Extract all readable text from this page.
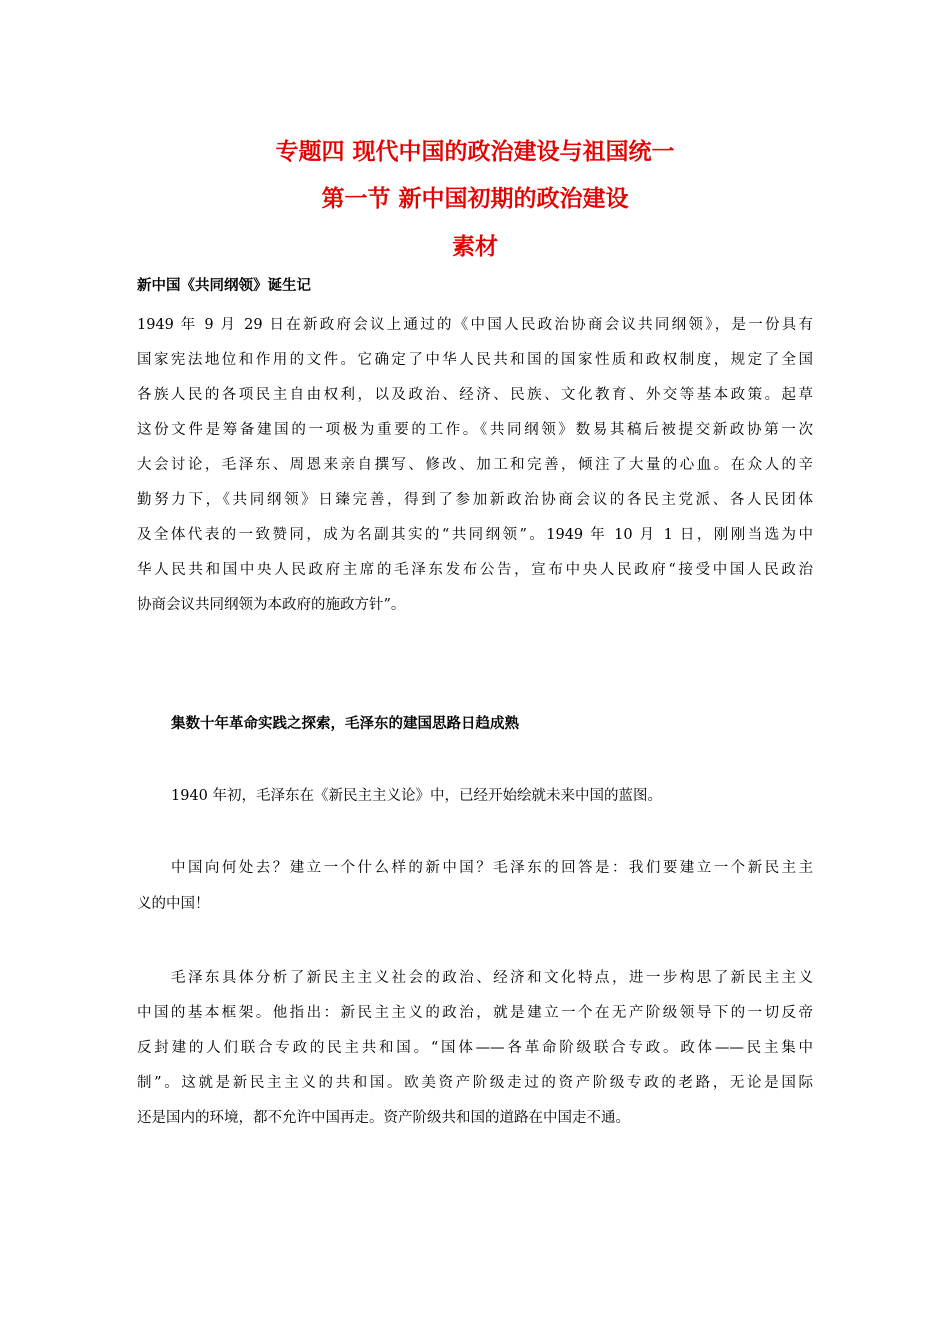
专题四 现代中国的政治建设与祖国统一
第一节 新中国初期的政治建设
素材
新中国《共同纲领》诞生记
1949 年 9 月 29 日在新政府会议上通过的《中国人民政治协商会议共同纲领》，是一份具有
国家宪法地位和作用的文件。它确定了中华人民共和国的国家性质和政权制度，规定了全国
各族人民的各项民主自由权利，以及政治、经济、民族、文化教育、外交等基本政策。起草
这份文件是筹备建国的一项极为重要的工作。《共同纲领》数易其稿后被提交新政协第一次
大会讨论，毛泽东、周恩来亲自撰写、修改、加工和完善，倾注了大量的心血。在众人的辛
勤努力下，《共同纲领》日臻完善，得到了参加新政治协商会议的各民主党派、各人民团体
及全体代表的一致赞同，成为名副其实的“共同纲领”。1949 年 10 月 1 日，刚刚当选为中
华人民共和国中央人民政府主席的毛泽东发布公告，宣布中央人民政府“接受中国人民政治
协商会议共同纲领为本政府的施政方针”。
集数十年革命实践之探索，毛泽东的建国思路日趋成熟
1940 年初，毛泽东在《新民主主义论》中，已经开始绘就未来中国的蓝图。
中国向何处去？建立一个什么样的新中国？毛泽东的回答是：我们要建立一个新民主主
义的中国！
毛泽东具体分析了新民主主义社会的政治、经济和文化特点，进一步构思了新民主主义
中国的基本框架。他指出：新民主主义的政治，就是建立一个在无产阶级领导下的一切反帝
反封建的人们联合专政的民主共和国。“国体——各革命阶级联合专政。政体——民主集中
制”。这就是新民主主义的共和国。欧美资产阶级走过的资产阶级专政的老路，无论是国际
还是国内的环境，都不允许中国再走。资产阶级共和国的道路在中国走不通。
